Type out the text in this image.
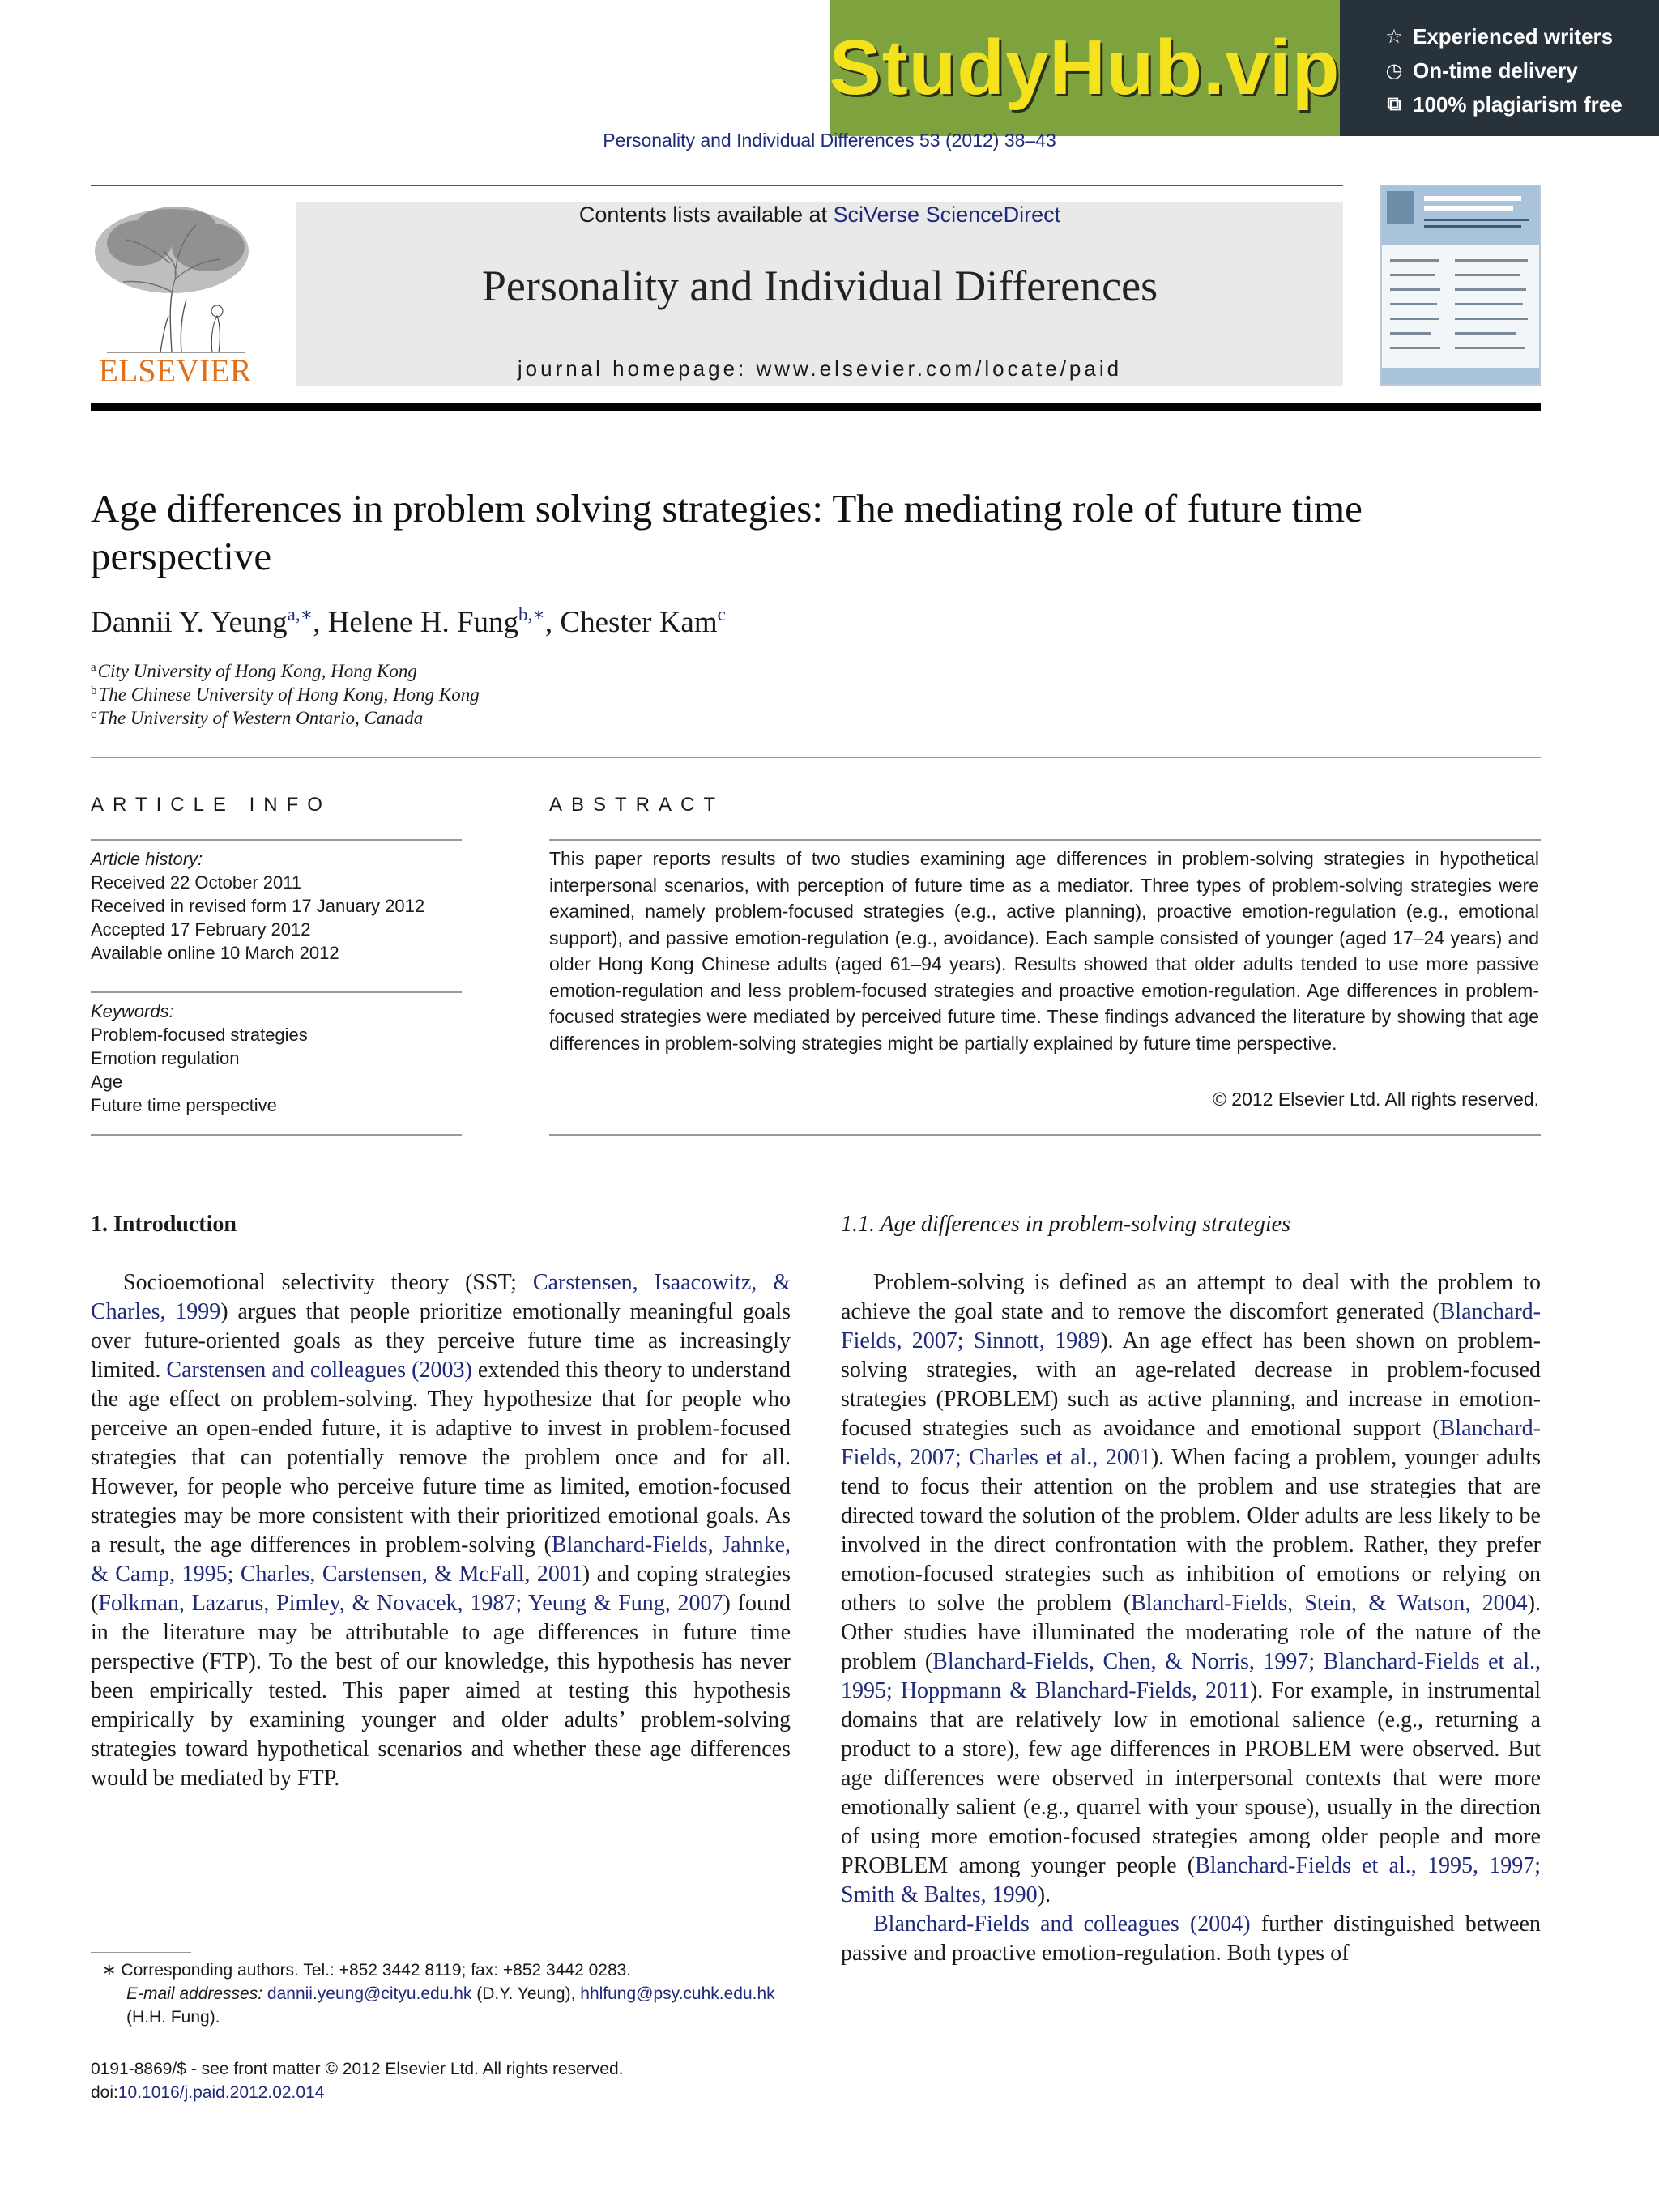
StudyHub.vip ☆ Experienced writers
◷ On-time delivery
⧉ 100% plagiarism free
Personality and Individual Differences 53 (2012) 38–43
ELSEVIER
Contents lists available at SciVerse ScienceDirect
Personality and Individual Differences
journal homepage: www.elsevier.com/locate/paid
Age differences in problem solving strategies: The mediating role of future time perspective
Dannii Y. Yeung$^{a,∗}$, Helene H. Fung$^{b,∗}$, Chester Kam$^c$
$^a$City University of Hong Kong, Hong Kong
$^b$The Chinese University of Hong Kong, Hong Kong
$^c$The University of Western Ontario, Canada
ARTICLE INFO
Article history:
Received 22 October 2011
Received in revised form 17 January 2012
Accepted 17 February 2012
Available online 10 March 2012
Keywords:
Problem-focused strategies
Emotion regulation
Age
Future time perspective
ABSTRACT
This paper reports results of two studies examining age differences in problem-solving strategies in hypothetical interpersonal scenarios, with perception of future time as a mediator. Three types of problem-solving strategies were examined, namely problem-focused strategies (e.g., active planning), proactive emotion-regulation (e.g., emotional support), and passive emotion-regulation (e.g., avoidance). Each sample consisted of younger (aged 17–24 years) and older Hong Kong Chinese adults (aged 61–94 years). Results showed that older adults tended to use more passive emotion-regulation and less problem-focused strategies and proactive emotion-regulation. Age differences in problem-focused strategies were mediated by perceived future time. These findings advanced the literature by showing that age differences in problem-solving strategies might be partially explained by future time perspective.
© 2012 Elsevier Ltd. All rights reserved.
1. Introduction

Socioemotional selectivity theory (SST; Carstensen, Isaacowitz, & Charles, 1999) argues that people prioritize emotionally meaningful goals over future-oriented goals as they perceive future time as increasingly limited. Carstensen and colleagues (2003) extended this theory to understand the age effect on problem-solving. They hypothesize that for people who perceive an open-ended future, it is adaptive to invest in problem-focused strategies that can potentially remove the problem once and for all. However, for people who perceive future time as limited, emotion-focused strategies may be more consistent with their prioritized emotional goals. As a result, the age differences in problem-solving (Blanchard-Fields, Jahnke, & Camp, 1995; Charles, Carstensen, & McFall, 2001) and coping strategies (Folkman, Lazarus, Pimley, & Novacek, 1987; Yeung & Fung, 2007) found in the literature may be attributable to age differences in future time perspective (FTP). To the best of our knowledge, this hypothesis has never been empirically tested. This paper aimed at testing this hypothesis empirically by examining younger and older adults’ problem-solving strategies toward hypothetical scenarios and whether these age differences would be mediated by FTP.

∗ Corresponding authors. Tel.: +852 3442 8119; fax: +852 3442 0283.
E-mail addresses: dannii.yeung@cityu.edu.hk (D.Y. Yeung), hhlfung@psy.cuhk.edu.hk (H.H. Fung).
0191-8869/$ - see front matter © 2012 Elsevier Ltd. All rights reserved.
doi:10.1016/j.paid.2012.02.014
1.1. Age differences in problem-solving strategies

Problem-solving is defined as an attempt to deal with the problem to achieve the goal state and to remove the discomfort generated (Blanchard-Fields, 2007; Sinnott, 1989). An age effect has been shown on problem-solving strategies, with an age-related decrease in problem-focused strategies (PROBLEM) such as active planning, and increase in emotion-focused strategies such as avoidance and emotional support (Blanchard-Fields, 2007; Charles et al., 2001). When facing a problem, younger adults tend to focus their attention on the problem and use strategies that are directed toward the solution of the problem. Older adults are less likely to be involved in the direct confrontation with the problem. Rather, they prefer emotion-focused strategies such as inhibition of emotions or relying on others to solve the problem (Blanchard-Fields, Stein, & Watson, 2004). Other studies have illuminated the moderating role of the nature of the problem (Blanchard-Fields, Chen, & Norris, 1997; Blanchard-Fields et al., 1995; Hoppmann & Blanchard-Fields, 2011). For example, in instrumental domains that are relatively low in emotional salience (e.g., returning a product to a store), few age differences in PROBLEM were observed. But age differences were observed in interpersonal contexts that were more emotionally salient (e.g., quarrel with your spouse), usually in the direction of using more emotion-focused strategies among older people and more PROBLEM among younger people (Blanchard-Fields et al., 1995, 1997; Smith & Baltes, 1990).

Blanchard-Fields and colleagues (2004) further distinguished between passive and proactive emotion-regulation. Both types of
